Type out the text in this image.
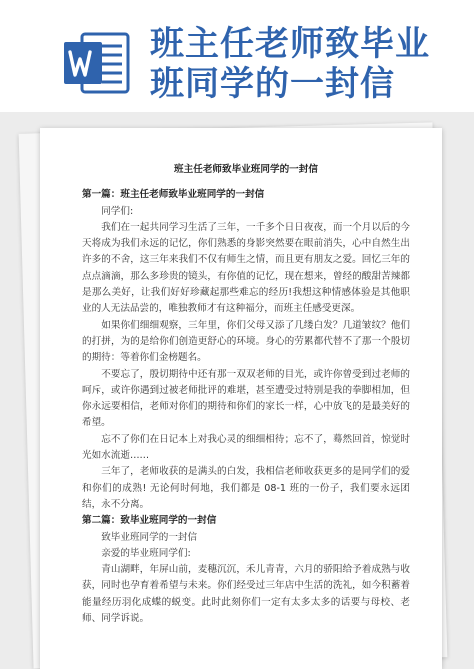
班主任老师致毕业
班同学的一封信

班主任老师致毕业班同学的一封信

第一篇：班主任老师致毕业班同学的一封信

同学们:

我们在一起共同学习生活了三年，一千多个日日夜夜，而一个月以后的今天将成为我们永远的记忆，你们熟悉的身影突然要在眼前消失，心中自然生出许多的不舍，这三年来我们不仅有师生之情，而且更有朋友之爱。回忆三年的点点滴滴，那么多珍贵的镜头，有你值的记忆，现在想来，曾经的酸甜苦辣都是那么美好，让我们好好珍藏起那些难忘的经历!我想这种情感体验是其他职业的人无法品尝的，唯独教师才有这种福分，而班主任感受更深。

如果你们细细观察，三年里，你们父母又添了几缕白发？几道皱纹？他们的打拼，为的是给你们创造更舒心的环境。身心的劳累都代替不了那一个殷切的期待：等着你们金榜题名。

不要忘了，殷切期待中还有那一双双老师的目光，或许你曾受到过老师的呵斥，或许你遇到过被老师批评的难堪，甚至遭受过特别是我的拳脚相加，但你永远要相信，老师对你们的期待和你们的家长一样，心中放飞的是最美好的希望。

忘不了你们在日记本上对我心灵的细细相待；忘不了，蓦然回首，惊觉时光如水流逝……

三年了，老师收获的是满头的白发，我相信老师收获更多的是同学们的爱和你们的成熟! 无论何时何地，我们都是 08-1 班的一份子，我们要永远团结，永不分离。

第二篇：致毕业班同学的一封信

致毕业班同学的一封信

亲爱的毕业班同学们:

青山湖畔，年屏山前，麦穗沉沉，禾儿青青，六月的骄阳给予着成熟与收获，同时也孕育着希望与未来。你们经受过三年店中生活的洗礼，如今积蓄着能量经历羽化成蝶的蜕变。此时此刻你们一定有太多太多的话要与母校、老师、同学诉说。
